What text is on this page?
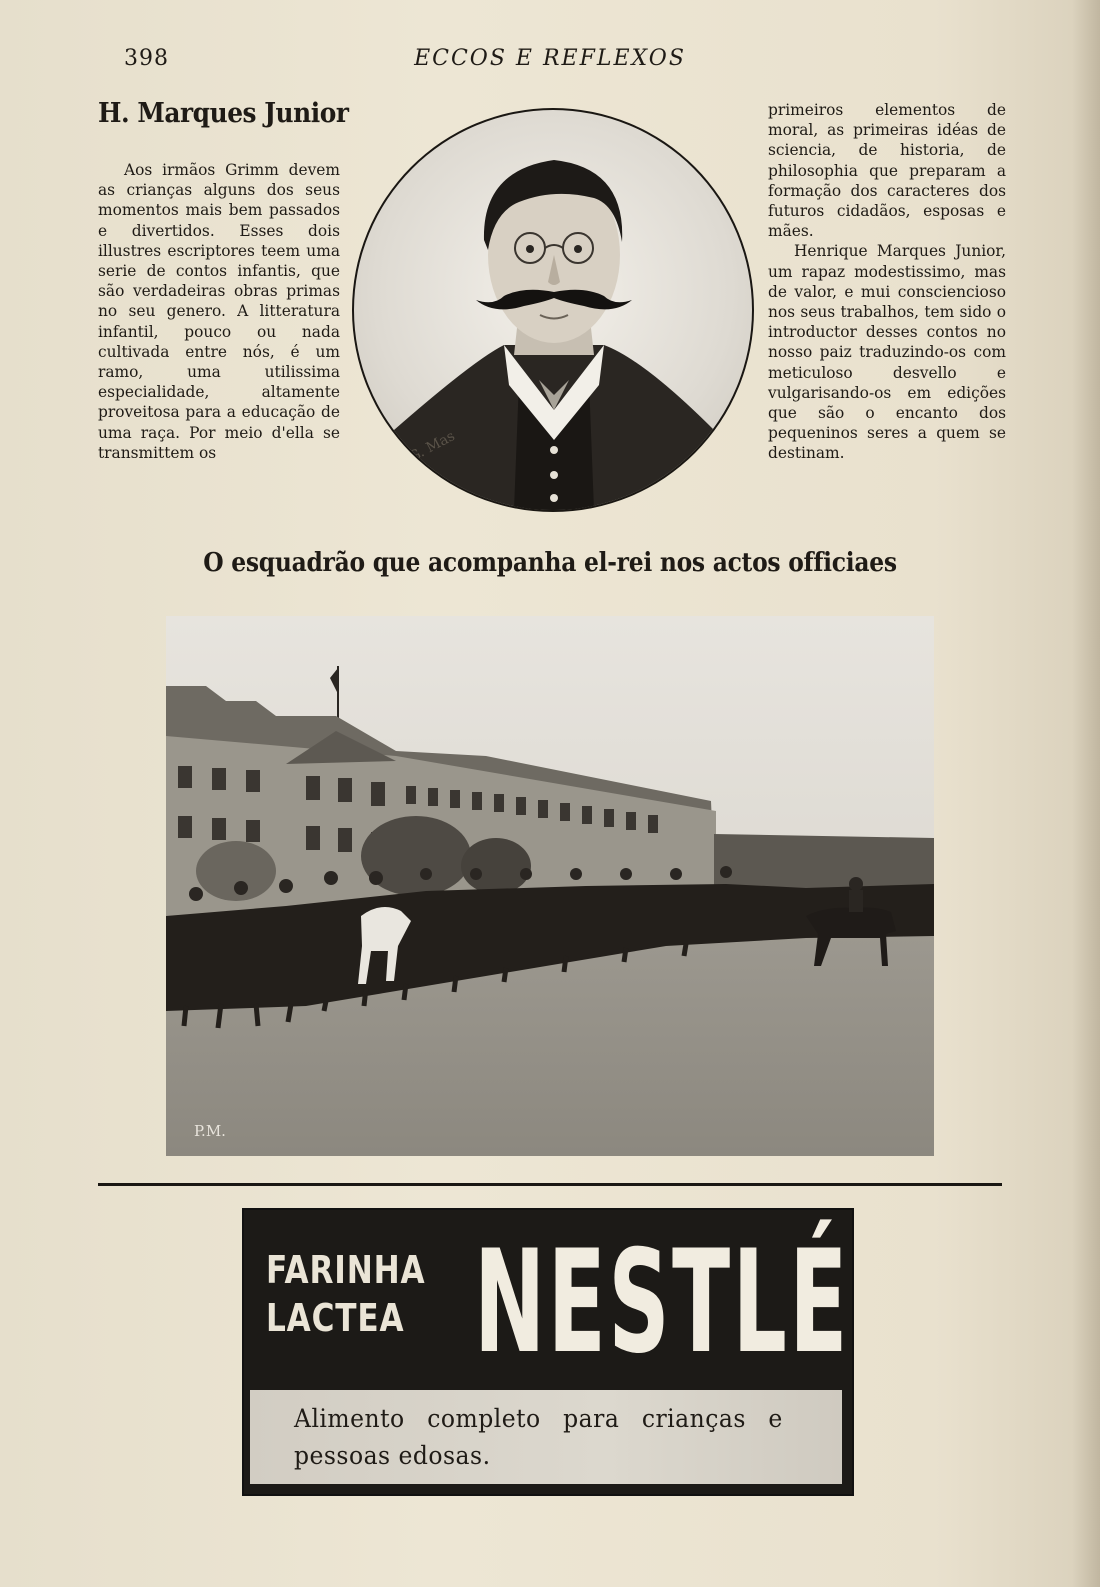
398	ECCOS E REFLEXOS
H. Marques Junior

Aos irmãos Grimm devem as crianças alguns dos seus momentos mais bem passados e divertidos. Esses dois illustres escriptores teem uma serie de contos infantis, que são verdadeiras obras primas no seu genero. A litteratura infantil, pouco ou nada cultivada entre nós, é um ramo, uma utilissima especialidade, altamente proveitosa para a educação de uma raça. Por meio d'ella se transmittem os	G. Mas

primeiros elementos de moral, as primeiras idéas de sciencia, de historia, de philosophia que preparam a formação dos caracteres dos futuros cidadãos, esposas e mães.

Henrique Marques Junior, um rapaz modestissimo, mas de valor, e mui consciencioso nos seus trabalhos, tem sido o introductor desses contos no nosso paiz traduzindo-os com meticuloso desvello e vulgarisando-os em edições que são o encanto dos pequeninos seres a quem se destinam.

O esquadrão que acompanha el-rei nos actos officiaes
P.M.
FARINHA
LACTEA NESTLÉ
Alimento completo para crianças e pessoas edosas.
